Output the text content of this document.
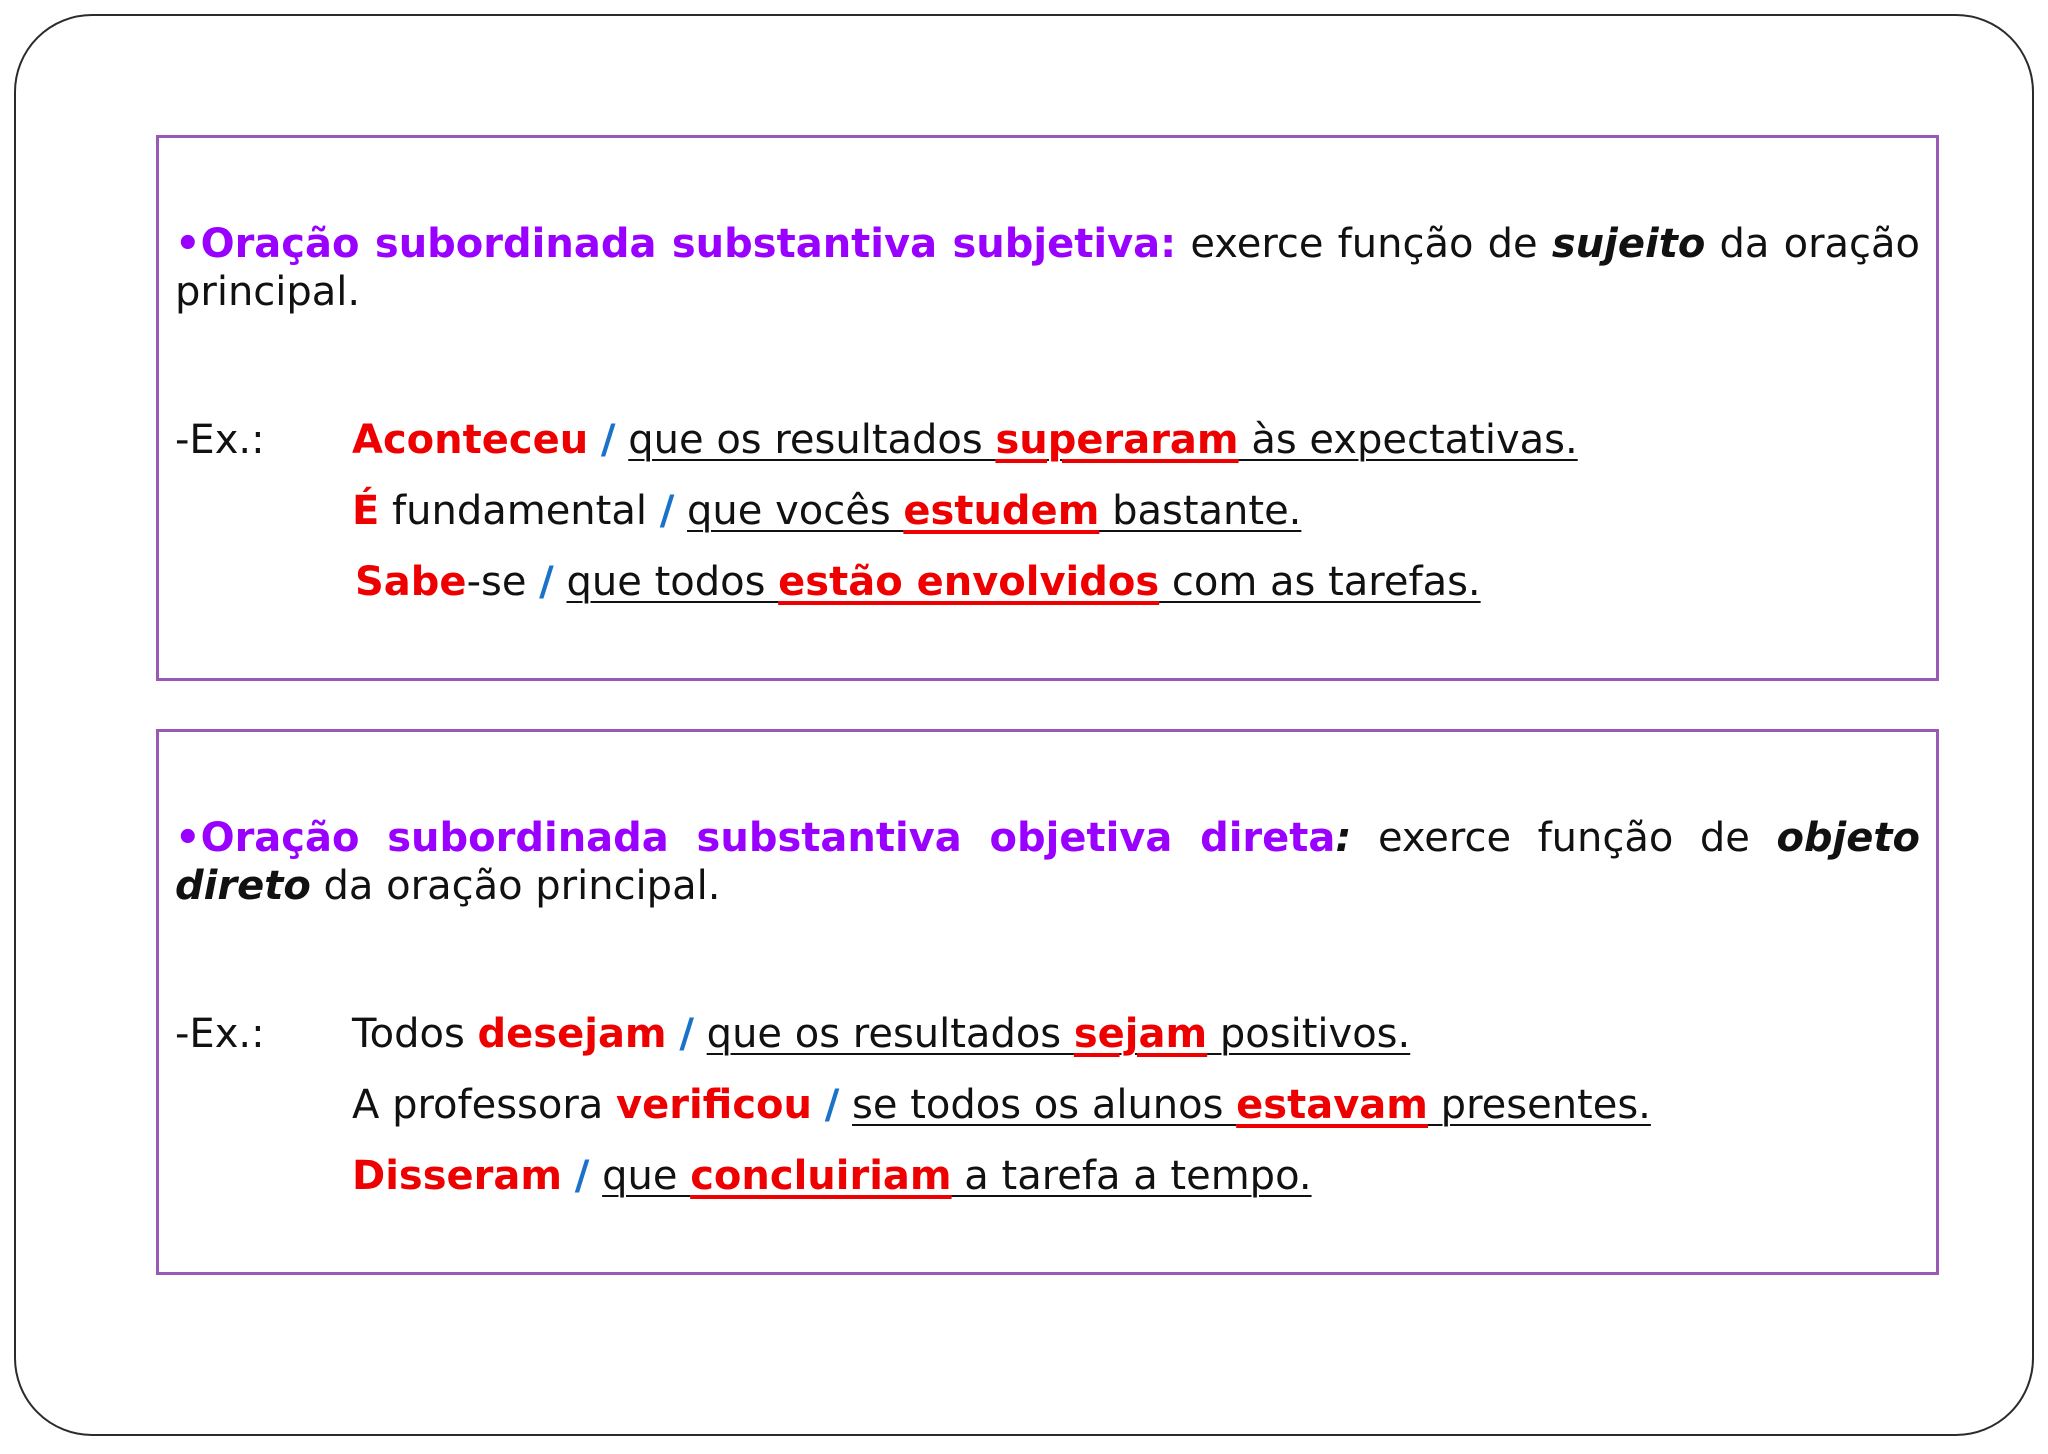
•Oração subordinada substantiva subjetiva: exerce função de sujeito da oração principal.
-Ex.: Aconteceu / que os resultados superaram às expectativas.
É fundamental / que vocês estudem bastante.
Sabe-se / que todos estão envolvidos com as tarefas.
•Oração subordinada substantiva objetiva direta: exerce função de objeto direto da oração principal.
-Ex.: Todos desejam / que os resultados sejam positivos.
A professora verificou / se todos os alunos estavam presentes.
Disseram / que concluiriam a tarefa a tempo.
